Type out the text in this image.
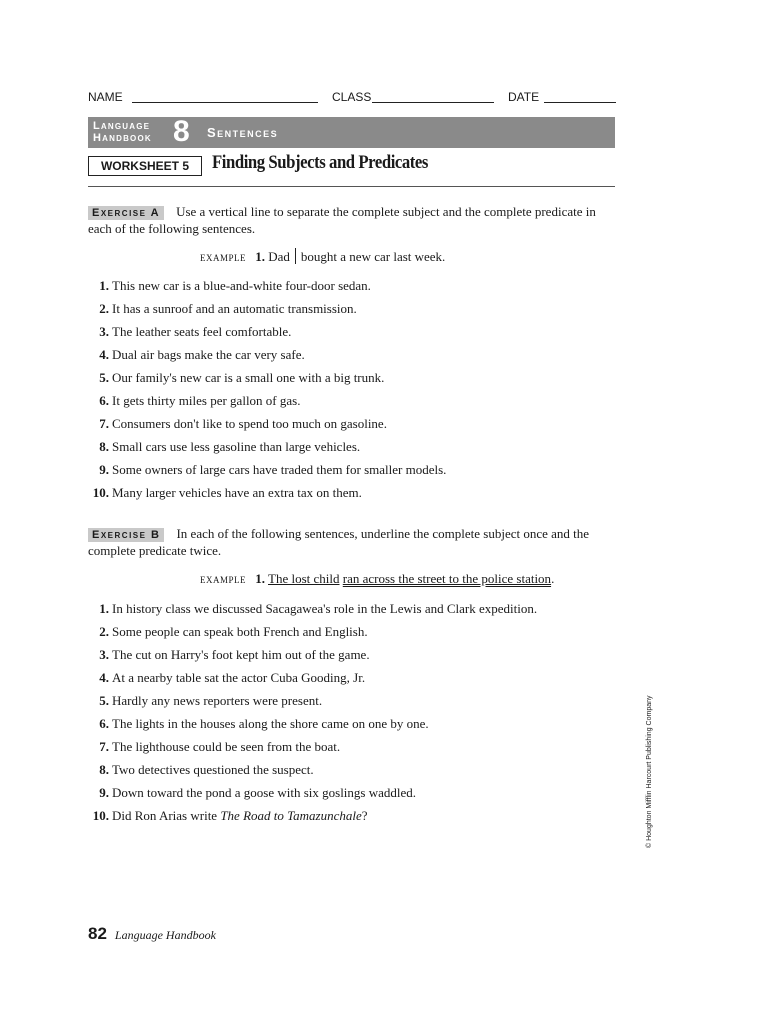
NAME	CLASS	DATE
Language
Handbook 8 Sentences
WORKSHEET 5	Finding Subjects and Predicates
Exercise A Use a vertical line to separate the complete subject and the complete predicate in each of the following sentences.
EXAMPLE 1. Dad bought a new car last week.
1. This new car is a blue-and-white four-door sedan.
2. It has a sunroof and an automatic transmission.
3. The leather seats feel comfortable.
4. Dual air bags make the car very safe.
5. Our family's new car is a small one with a big trunk.
6. It gets thirty miles per gallon of gas.
7. Consumers don't like to spend too much on gasoline.
8. Small cars use less gasoline than large vehicles.
9. Some owners of large cars have traded them for smaller models.
10. Many larger vehicles have an extra tax on them.
Exercise B In each of the following sentences, underline the complete subject once and the complete predicate twice.
EXAMPLE 1. The lost child ran across the street to the police station.
1. In history class we discussed Sacagawea's role in the Lewis and Clark expedition.
2. Some people can speak both French and English.
3. The cut on Harry's foot kept him out of the game.
4. At a nearby table sat the actor Cuba Gooding, Jr.
5. Hardly any news reporters were present.
6. The lights in the houses along the shore came on one by one.
7. The lighthouse could be seen from the boat.
8. Two detectives questioned the suspect.
9. Down toward the pond a goose with six goslings waddled.
10. Did Ron Arias write The Road to Tamazunchale?	© Houghton Mifflin Harcourt Publishing Company
82 Language Handbook
